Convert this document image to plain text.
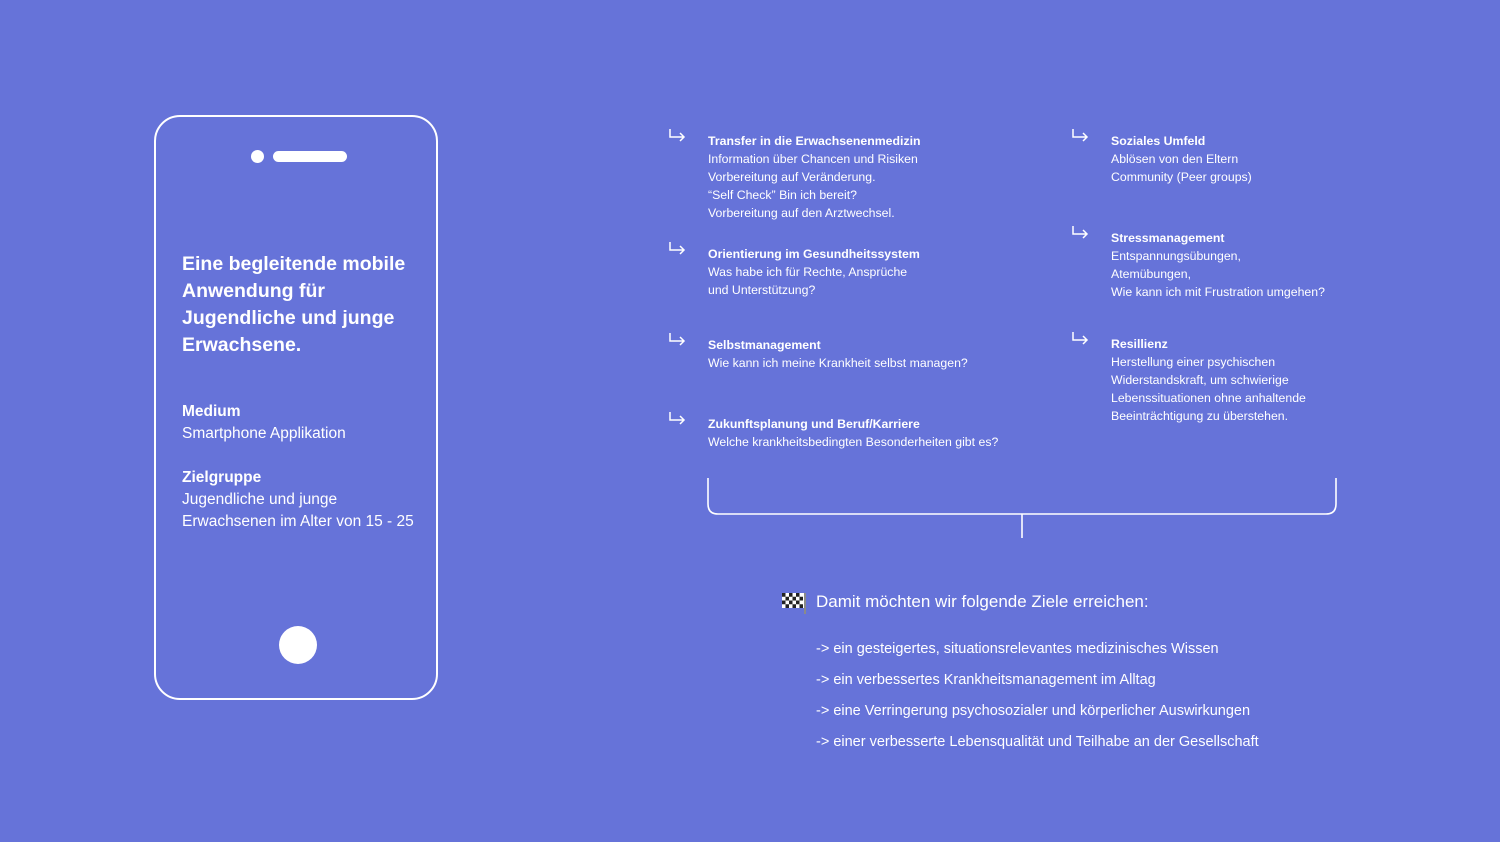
Eine begleitende mobile Anwendung für Jugendliche und junge Erwachsene.
Medium
Smartphone Applikation
Zielgruppe
Jugendliche und junge
Erwachsenen im Alter von 15 - 25
Transfer in die Erwachsenenmedizin
Information über Chancen und Risiken
Vorbereitung auf Veränderung.
“Self Check” Bin ich bereit?
Vorbereitung auf den Arztwechsel.
Orientierung im Gesundheitssystem
Was habe ich für Rechte, Ansprüche
und Unterstützung?
Selbstmanagement
Wie kann ich meine Krankheit selbst managen?
Zukunftsplanung und Beruf/Karriere
Welche krankheitsbedingten Besonderheiten gibt es?
Soziales Umfeld
Ablösen von den Eltern
Community (Peer groups)
Stressmanagement
Entspannungsübungen,
Atemübungen,
Wie kann ich mit Frustration umgehen?
Resillienz
Herstellung einer psychischen
Widerstandskraft, um schwierige
Lebenssituationen ohne anhaltende
Beeinträchtigung zu überstehen.
Damit möchten wir folgende Ziele erreichen:
-> ein gesteigertes, situationsrelevantes medizinisches Wissen
-> ein verbessertes Krankheitsmanagement im Alltag
-> eine Verringerung psychosozialer und körperlicher Auswirkungen
-> einer verbesserte Lebensqualität und Teilhabe an der Gesellschaft
